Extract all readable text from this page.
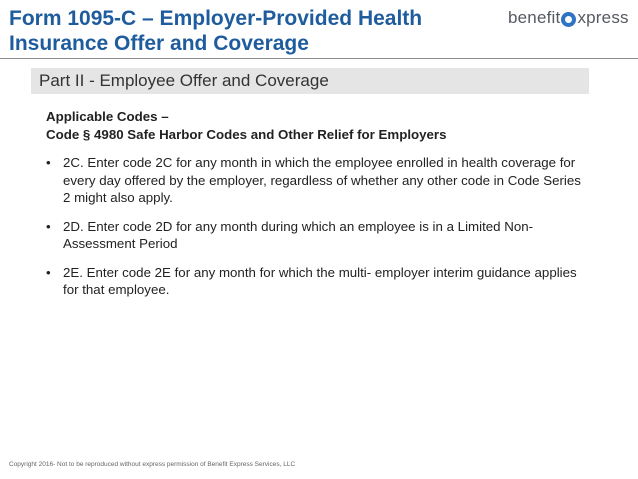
Form 1095-C – Employer-Provided Health
Insurance Offer and Coverage
benefit xpress
Part II - Employee Offer and Coverage
Applicable Codes –
Code § 4980 Safe Harbor Codes and Other Relief for Employers
• 2C. Enter code 2C for any month in which the employee enrolled in health coverage for every day offered by the employer, regardless of whether any other code in Code Series 2 might also apply.
• 2D. Enter code 2D for any month during which an employee is in a Limited Non-Assessment Period
• 2E. Enter code 2E for any month for which the multi- employer interim guidance applies for that employee.
Copyright 2016- Not to be reproduced without express permission of Benefit Express Services, LLC
